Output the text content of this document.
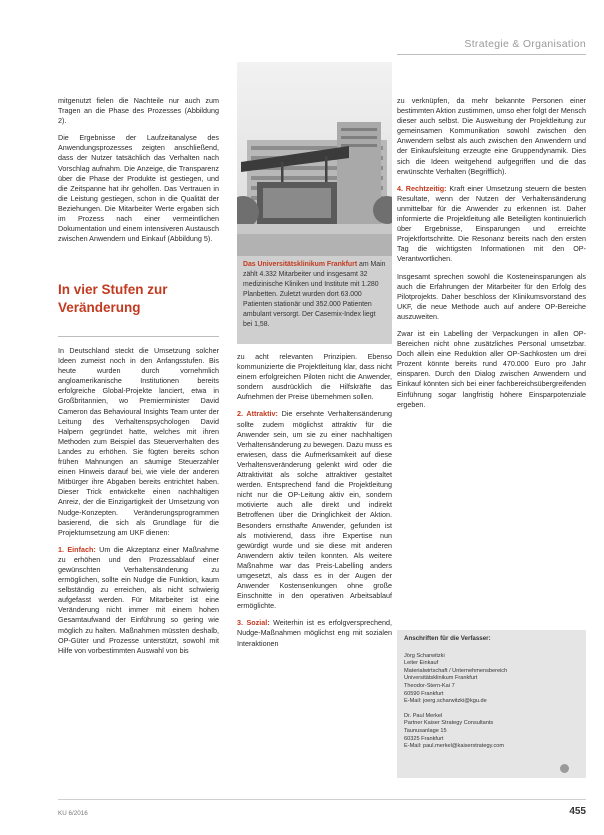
Strategie & Organisation

mitgenutzt fielen die Nachteile nur auch zum Tragen an die Phase des Prozesses (Abbildung 2).

Die Ergebnisse der Laufzeitanalyse des Anwendungsprozesses zeigten anschließend, dass der Nutzer tatsächlich das Verhalten nach Vorschlag aufnahm. Die Anzeige, die Transparenz über die Phase der Produkte ist gestiegen, und die Zeitspanne hat ihr geholfen. Das Vertrauen in die Leistung gestiegen, schon in die Qualität der Beziehungen. Die Mitarbeiter Werte ergaben sich im Prozess nach einer vermeintlichen Dokumentation und einem intensiveren Austausch zwischen Anwendern und Einkauf (Abbildung 5).

In vier Stufen zur Veränderung

In Deutschland steckt die Umsetzung solcher Ideen zumeist noch in den Anfangsstufen. Bis heute wurden durch vornehmlich angloamerikanische Institutionen bereits erfolgreiche Global-Projekte lanciert, etwa in Großbritannien, wo Premierminister David Cameron das Behavioural Insights Team unter der Leitung des Verhaltenspsychologen David Halpern gegründet hatte, welches mit ihren Methoden zum Beispiel das Steuerverhalten des Landes zu erhöhen. Sie fügten bereits schon frühen Mahnungen an säumige Steuerzahler einen Hinweis darauf bei, wie viele der anderen Mitbürger ihre Abgaben bereits entrichtet haben. Dieser Trick entwickelte einen nachhaltigen Anreiz, der die Einzigartigkeit der Umsetzung von Nudge-Konzepten. Veränderungsprogrammen basierend, die sich als Grundlage für die Projektumsetzung am UKF dienen:

1. Einfach: Um die Akzeptanz einer Maßnahme zu erhöhen und den Prozessablauf einer gewünschten Verhaltensänderung zu ermöglichen, sollte ein Nudge die Funktion, kaum selbständig zu erreichen, als nicht schwierig aufgefasst werden. Für Mitarbeiter ist eine Veränderung nicht immer mit einem hohen Gesamtaufwand der Einführung so gering wie möglich zu halten. Maßnahmen müssten deshalb, OP-Güter und Prozesse unterstützt, sowohl mit Hilfe von vorbestimmten Auswahl von bis

Das Universitätsklinikum Frankfurt am Main zählt 4.332 Mitarbeiter und insgesamt 32 medizinische Kliniken und Institute mit 1.280 Planbetten. Zuletzt wurden dort 63.000 Patienten stationär und 352.000 Patienten ambulant versorgt. Der Casemix-Index liegt bei 1,58.

zu acht relevanten Prinzipien. Ebenso kommunizierte die Projektleitung klar, dass nicht einem erfolgreichen Piloten nicht die Anwender, sondern ausdrücklich die Hilfskräfte das Aufnehmen der Preise übernehmen sollen.

2. Attraktiv: Die ersehnte Verhaltensänderung sollte zudem möglichst attraktiv für die Anwender sein, um sie zu einer nachhaltigen Verhaltensänderung zu bewegen. Dazu muss es erwiesen, dass die Aufmerksamkeit auf diese Verhaltensveränderung gelenkt wird oder die Attraktivität als solche attraktiver gestaltet werden. Entsprechend fand die Projektleitung nicht nur die OP-Leitung aktiv ein, sondern motivierte auch alle direkt und indirekt Betroffenen über die Dringlichkeit der Aktion. Besonders ernsthafte Anwender, gefunden ist als motivierend, dass ihre Expertise nun gewürdigt wurde und sie diese mit anderen Anwendern aktiv teilen konnten. Als weitere Maßnahme war das Preis-Labelling anders umgesetzt, als dass es in der Augen der Anwender Kostensenkungen ohne große Einschnitte in den operativen Arbeitsablauf ermöglichte.

3. Sozial: Weiterhin ist es erfolgversprechend, Nudge-Maßnahmen möglichst eng mit sozialen Interaktionen

zu verknüpfen, da mehr bekannte Personen einer bestimmten Aktion zustimmen, umso eher folgt der Mensch dieser auch selbst. Die Ausweitung der Projektleitung zur gemeinsamen Kommunikation sowohl zwischen den Anwendern selbst als auch zwischen den Anwendern und der Einkaufsleitung erzeugte eine Gruppendynamik. Dies sich die Ideen weitgehend aufgegriffen und die das erwünschte Verhalten (Begrifflich).

4. Rechtzeitig: Kraft einer Umsetzung steuern die besten Resultate, wenn der Nutzen der Verhaltensänderung unmittelbar für die Anwender zu erkennen ist. Daher informierte die Projektleitung alle Beteiligten kontinuierlich über Ergebnisse, Einsparungen und erreichte Projektfortschritte. Die Resonanz bereits nach den ersten Tag die wichtigsten Informationen mit den OP-Verantwortlichen.

Insgesamt sprechen sowohl die Kosteneinsparungen als auch die Erfahrungen der Mitarbeiter für den Erfolg des Pilotprojekts. Daher beschloss der Klinikumsvorstand des UKF, die neue Methode auch auf andere OP-Bereiche auszuweiten.

Zwar ist ein Labelling der Verpackungen in allen OP-Bereichen nicht ohne zusätzliches Personal umsetzbar. Doch allein eine Reduktion aller OP-Sachkosten um drei Prozent könnte bereits rund 470.000 Euro pro Jahr einsparen. Durch den Dialog zwischen Anwendern und Einkauf könnten sich bei einer fachbereichsübergreifenden Einführung sogar langfristig höhere Einsparpotenziale ergeben.

Anschriften für die Verfasser:
Jörg Scharwitzki
Leiter Einkauf
Materialwirtschaft / Unternehmensbereich
Universitätsklinikum Frankfurt
Theodor-Stern-Kai 7
60590 Frankfurt
E-Mail: joerg.scharwitzki@kgu.de
Dr. Paul Merkel
Partner Kaiser Strategy Consultants
Taunusanlage 15
60325 Frankfurt
E-Mail: paul.merkel@kaiserstrategy.com
KU 6/2016	455
